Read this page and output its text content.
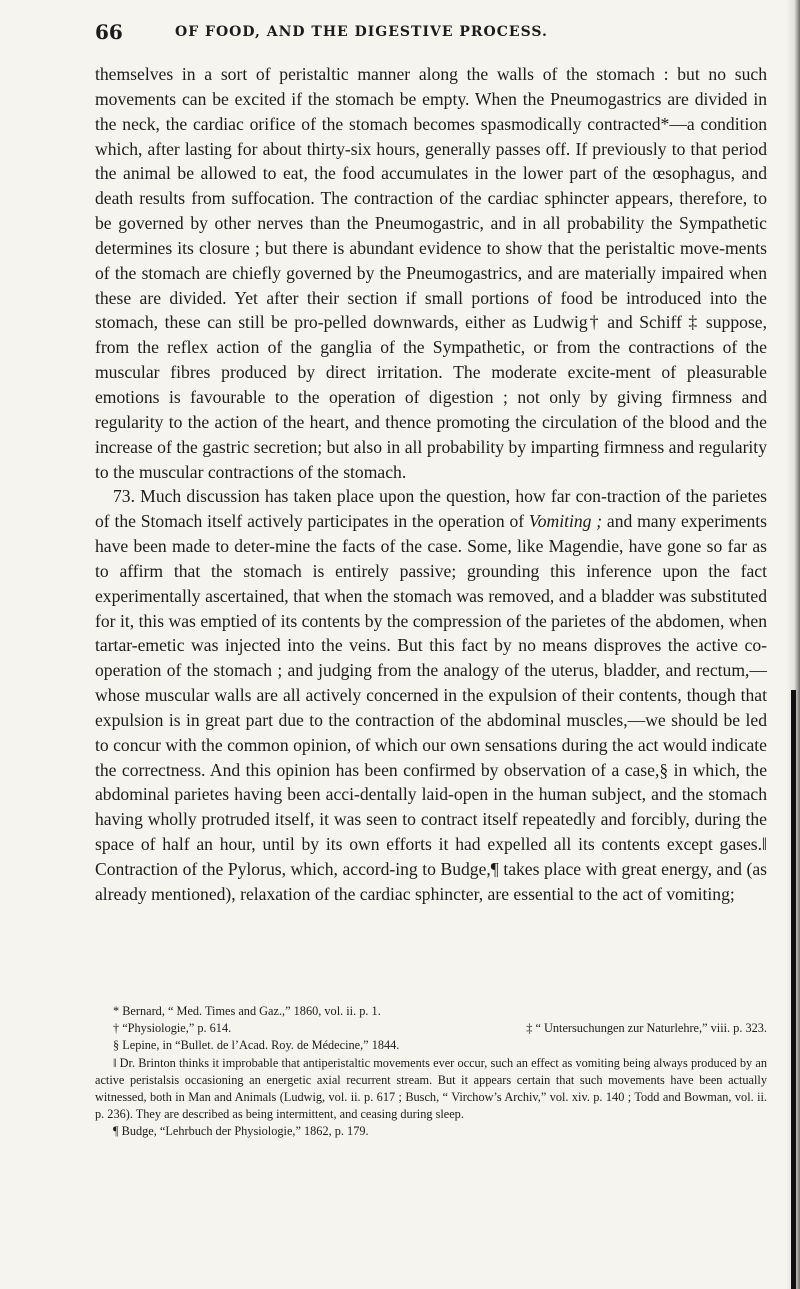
66	OF FOOD, AND THE DIGESTIVE PROCESS.

themselves in a sort of peristaltic manner along the walls of the stomach : but no such movements can be excited if the stomach be empty. When the Pneumogastrics are divided in the neck, the cardiac orifice of the stomach becomes spasmodically contracted*—a condition which, after lasting for about thirty-six hours, generally passes off. If previously to that period the animal be allowed to eat, the food accumulates in the lower part of the œsophagus, and death results from suffocation. The contraction of the cardiac sphincter appears, therefore, to be governed by other nerves than the Pneumogastric, and in all probability the Sympathetic determines its closure ; but there is abundant evidence to show that the peristaltic move-ments of the stomach are chiefly governed by the Pneumogastrics, and are materially impaired when these are divided. Yet after their section if small portions of food be introduced into the stomach, these can still be pro-pelled downwards, either as Ludwig† and Schiff ‡ suppose, from the reflex action of the ganglia of the Sympathetic, or from the contractions of the muscular fibres produced by direct irritation. The moderate excite-ment of pleasurable emotions is favourable to the operation of digestion ; not only by giving firmness and regularity to the action of the heart, and thence promoting the circulation of the blood and the increase of the gastric secretion; but also in all probability by imparting firmness and regularity to the muscular contractions of the stomach.

73. Much discussion has taken place upon the question, how far con-traction of the parietes of the Stomach itself actively participates in the operation of Vomiting ; and many experiments have been made to deter-mine the facts of the case. Some, like Magendie, have gone so far as to affirm that the stomach is entirely passive; grounding this inference upon the fact experimentally ascertained, that when the stomach was removed, and a bladder was substituted for it, this was emptied of its contents by the compression of the parietes of the abdomen, when tartar-emetic was injected into the veins. But this fact by no means disproves the active co-operation of the stomach ; and judging from the analogy of the uterus, bladder, and rectum,—whose muscular walls are all actively concerned in the expulsion of their contents, though that expulsion is in great part due to the contraction of the abdominal muscles,—we should be led to concur with the common opinion, of which our own sensations during the act would indicate the correctness. And this opinion has been confirmed by observation of a case,§ in which, the abdominal parietes having been acci-dentally laid-open in the human subject, and the stomach having wholly protruded itself, it was seen to contract itself repeatedly and forcibly, during the space of half an hour, until by its own efforts it had expelled all its contents except gases.‖ Contraction of the Pylorus, which, accord-ing to Budge,¶ takes place with great energy, and (as already mentioned), relaxation of the cardiac sphincter, are essential to the act of vomiting;

* Bernard, “ Med. Times and Gaz.,” 1860, vol. ii. p. 1.

† “Physiologie,” p. 614.	‡ “ Untersuchungen zur Naturlehre,” viii. p. 323.

§ Lepine, in “Bullet. de l’Acad. Roy. de Médecine,” 1844.

‖ Dr. Brinton thinks it improbable that antiperistaltic movements ever occur, such an effect as vomiting being always produced by an active peristalsis occasioning an energetic axial recurrent stream. But it appears certain that such movements have been actually witnessed, both in Man and Animals (Ludwig, vol. ii. p. 617 ; Busch, “ Virchow’s Archiv,” vol. xiv. p. 140 ; Todd and Bowman, vol. ii. p. 236). They are described as being intermittent, and ceasing during sleep.

¶ Budge, “Lehrbuch der Physiologie,” 1862, p. 179.
